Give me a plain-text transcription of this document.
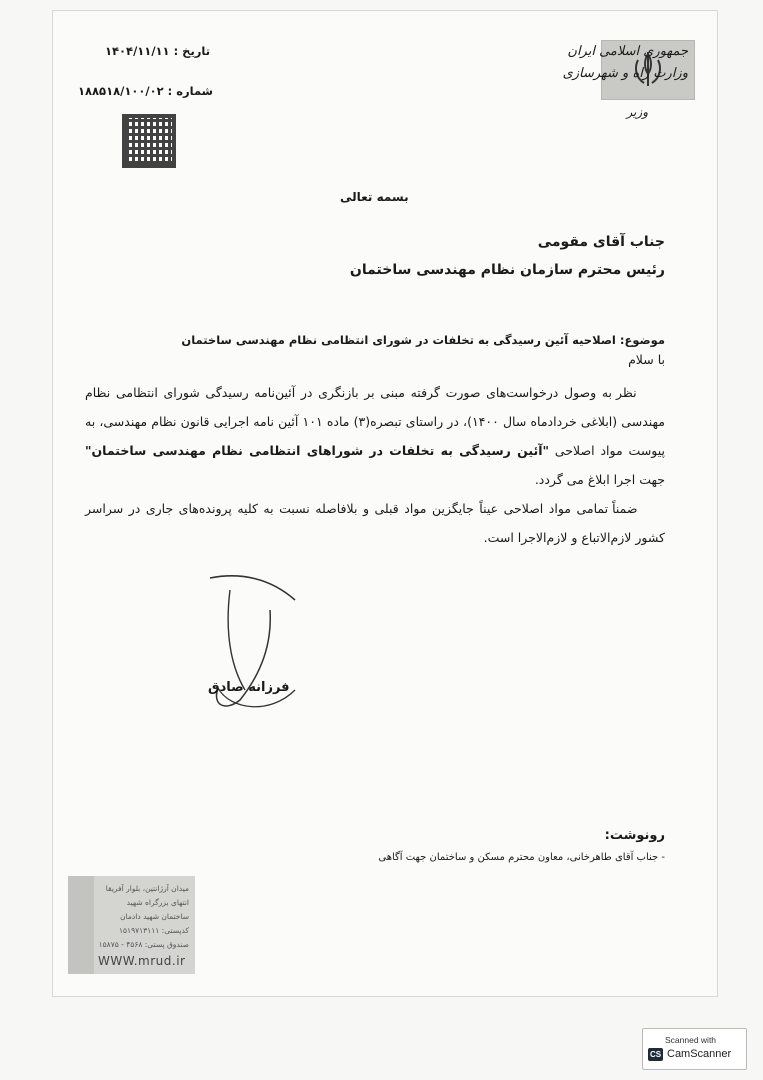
جمهوری اسلامی ایران
وزارت راه و شهرسازی
وزیر
تاریخ : ۱۴۰۴/۱۱/۱۱
شماره : ۱۸۸۵۱۸/۱۰۰/۰۲
بسمه تعالی
جناب آقای مقومی
رئیس محترم سازمان نظام مهندسی ساختمان
موضوع: اصلاحیه آئین رسیدگی به تخلفات در شورای انتظامی نظام مهندسی ساختمان
با سلام

نظر به وصول درخواست‌های صورت گرفته مبنی بر بازنگری در آئین‌نامه رسیدگی شورای انتظامی نظام مهندسی (ابلاغی خردادماه سال ۱۴۰۰)، در راستای تبصره(۳) ماده ۱۰۱ آئین نامه اجرایی قانون نظام مهندسی، به پیوست مواد اصلاحی "آئین رسیدگی به تخلفات در شوراهای انتظامی نظام مهندسی ساختمان" جهت اجرا ابلاغ می گردد.

ضمناً تمامی مواد اصلاحی عیناً جایگزین مواد قبلی و بلافاصله نسبت به کلیه پرونده‌های جاری در سراسر کشور لازم‌الاتباع و لازم‌الاجرا است.

فرزانه صادق
رونوشت:
- جناب آقای طاهرخانی، معاون محترم مسکن و ساختمان جهت آگاهی
میدان آرژانتین، بلوار آفریقا
انتهای بزرگراه شهید
ساختمان شهید دادمان
کدپستی: ۱۵۱۹۷۱۳۱۱۱
صندوق پستی: ۴۵۶۸ - ۱۵۸۷۵
WWW.mrud.ir
Scanned with
CS CamScanner
